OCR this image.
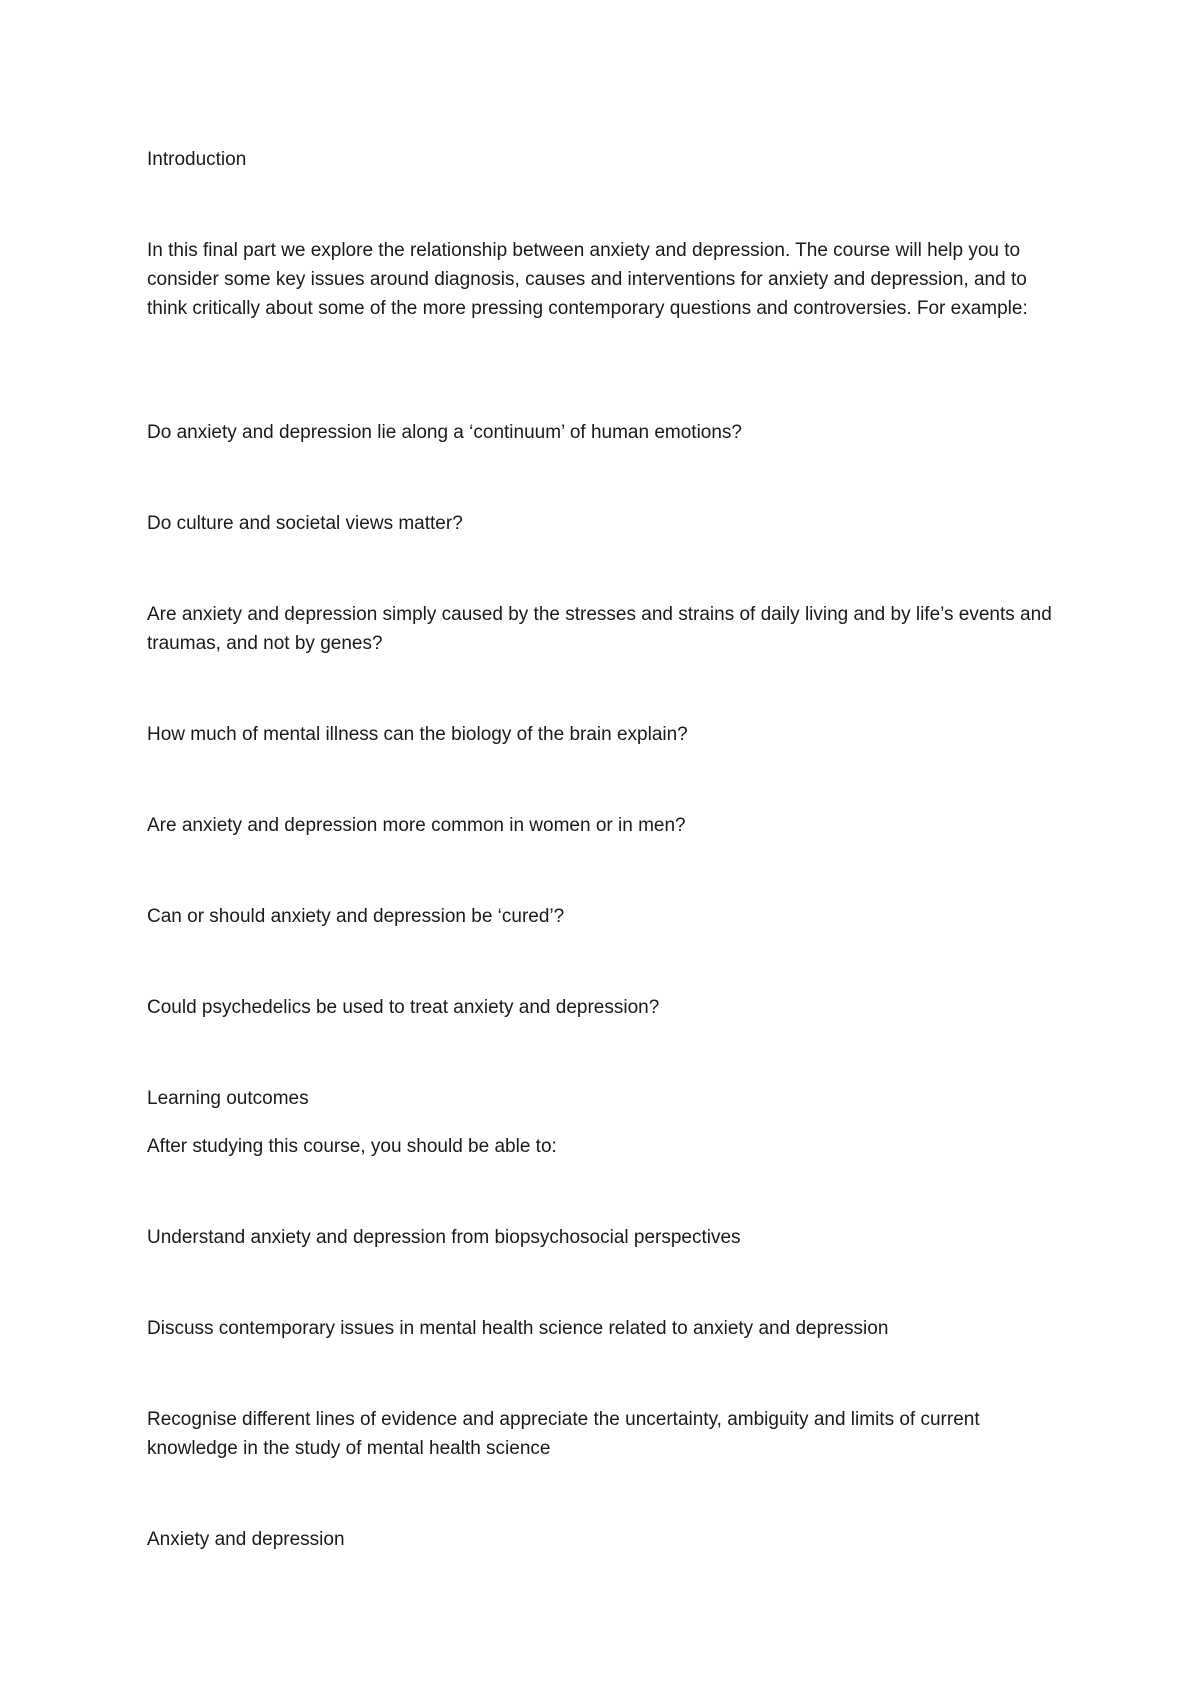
Introduction

In this final part we explore the relationship between anxiety and depression. The course will help you to consider some key issues around diagnosis, causes and interventions for anxiety and depression, and to think critically about some of the more pressing contemporary questions and controversies. For example:

Do anxiety and depression lie along a ‘continuum’ of human emotions?

Do culture and societal views matter?

Are anxiety and depression simply caused by the stresses and strains of daily living and by life’s events and traumas, and not by genes?

How much of mental illness can the biology of the brain explain?

Are anxiety and depression more common in women or in men?

Can or should anxiety and depression be ‘cured’?

Could psychedelics be used to treat anxiety and depression?

Learning outcomes

After studying this course, you should be able to:

Understand anxiety and depression from biopsychosocial perspectives

Discuss contemporary issues in mental health science related to anxiety and depression

Recognise different lines of evidence and appreciate the uncertainty, ambiguity and limits of current knowledge in the study of mental health science

Anxiety and depression
